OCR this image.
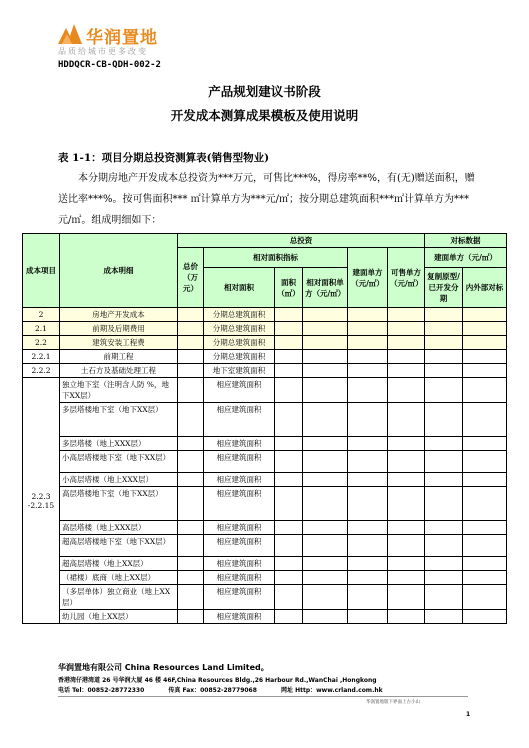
华润置地
品质给城市更多改变
HDDQCR-CB-QDH-002-2
产品规划建议书阶段
开发成本测算成果模板及使用说明
表 1-1：项目分期总投资测算表(销售型物业)
本分期房地产开发成本总投资为***万元，可售比***%，得房率**%，有(无)赠送面积，赠送比率***%。按可售面积*** ㎡计算单方为***元/㎡；按分期总建筑面积***㎡计算单方为***元/㎡。组成明细如下：
成本项目	成本明细	总投资						对标数据	
		总价（万元）	相对面积指标			建面单方（元/㎡）	可售单方（元/㎡）	建面单方（元/㎡）	
			相对面积	面积（㎡）	相对面积单方（元/㎡）			复制原型/已开发分期	内外部对标

2	房地产开发成本		分期总建筑面积						
2.1	前期及后期费用		分期总建筑面积						
2.2	建筑安装工程费		分期总建筑面积						
2.2.1	前期工程		分期总建筑面积						
2.2.2	土石方及基础处理工程		地下室建筑面积						
2.2.3
-2.2.15	独立地下室（注明含人防 %，地下XX层）		相应建筑面积						
	多层塔楼地下室（地下XX层）		相应建筑面积						
	多层塔楼（地上XXX层）		相应建筑面积						
	小高层塔楼地下室（地下XX层）		相应建筑面积						
	小高层塔楼（地上XXX层）		相应建筑面积						
	高层塔楼地下室（地下XX层）		相应建筑面积						
	高层塔楼（地上XXX层）		相应建筑面积						
	超高层塔楼地下室（地下XX层）		相应建筑面积						
	超高层塔楼（地上XX层）		相应建筑面积						
	（裙楼）底商（地上XX层）		相应建筑面积						
	（多层单体）独立商业（地上XX层）		相应建筑面积						
	幼儿园（地上XX层）		相应建筑面积						
华润置地有限公司 China Resources Land Limited。
香港湾仔港湾道 26 号华润大厦 46 楼 46F,China Resources Bldg.,26 Harbour Rd.,WanChai ,Hongkong
电话 Tel：00852-28772330	传真 Fax：00852-28779068	网址 Http：www.crland.com.hk
华润置地版下界面上古小山
1
